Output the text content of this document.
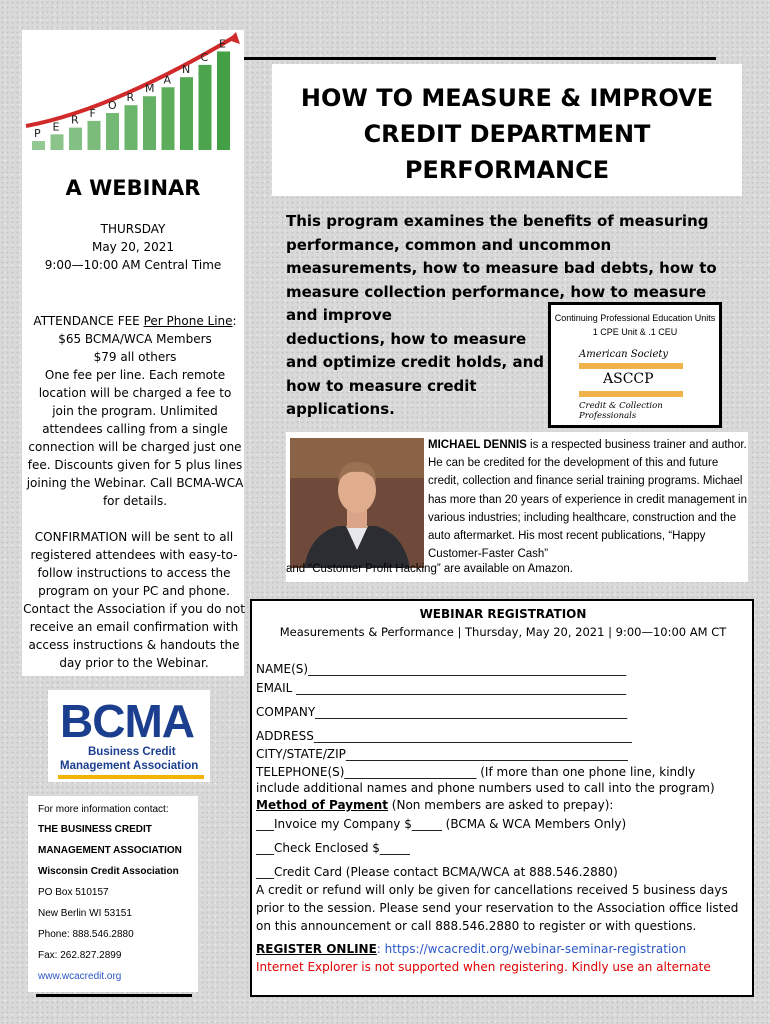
P
E
R
F
O
R
M
A
N
C
E
A WEBINAR
THURSDAY
May 20, 2021
9:00—10:00 AM Central Time
ATTENDANCE FEE Per Phone Line:
$65 BCMA/WCA Members
$79 all others
One fee per line. Each remote location will be charged a fee to join the program. Unlimited attendees calling from a single connection will be charged just one fee. Discounts given for 5 plus lines joining the Webinar. Call BCMA-WCA for details.
CONFIRMATION will be sent to all registered attendees with easy-to-follow instructions to access the program on your PC and phone. Contact the Association if you do not receive an email confirmation with access instructions & handouts the day prior to the Webinar.
BCMA
Business Credit
Management Association
For more information contact:
THE BUSINESS CREDIT
MANAGEMENT ASSOCIATION
Wisconsin Credit Association
PO Box 510157
New Berlin WI 53151
Phone: 888.546.2880
Fax: 262.827.2899
www.wcacredit.org
HOW TO MEASURE & IMPROVE CREDIT DEPARTMENT PERFORMANCE
This program examines the benefits of measuring performance, common and uncommon measurements, how to measure bad debts, how to measure collection performance, how to measure and improve
deductions, how to measure and optimize credit holds, and how to measure credit applications.
Continuing Professional Education Units
1 CPE Unit & .1 CEU
American Society
ASCCP
Credit & Collection Professionals
MICHAEL DENNIS is a respected business trainer and author. He can be credited for the development of this and future credit, collection and finance serial training programs. Michael has more than 20 years of experience in credit management in various industries; including healthcare, construction and the auto aftermarket. His most recent publications, “Happy Customer-Faster Cash”
and “Customer Profit Hacking” are available on Amazon.
WEBINAR REGISTRATION
Measurements & Performance | Thursday, May 20, 2021 | 9:00—10:00 AM CT
NAME(S)_____________________________________________________
EMAIL _______________________________________________________
COMPANY____________________________________________________
ADDRESS_____________________________________________________
CITY/STATE/ZIP_______________________________________________
TELEPHONE(S)______________________ (If more than one phone line, kindly
include additional names and phone numbers used to call into the program)
Method of Payment (Non members are asked to prepay):
___Invoice my Company $_____ (BCMA & WCA Members Only)
___Check Enclosed $_____
___Credit Card (Please contact BCMA/WCA at 888.546.2880)
A credit or refund will only be given for cancellations received 5 business days prior to the session. Please send your reservation to the Association office listed on this announcement or call 888.546.2880 to register or with questions.
REGISTER ONLINE: https://wcacredit.org/webinar-seminar-registration
Internet Explorer is not supported when registering. Kindly use an alternate
